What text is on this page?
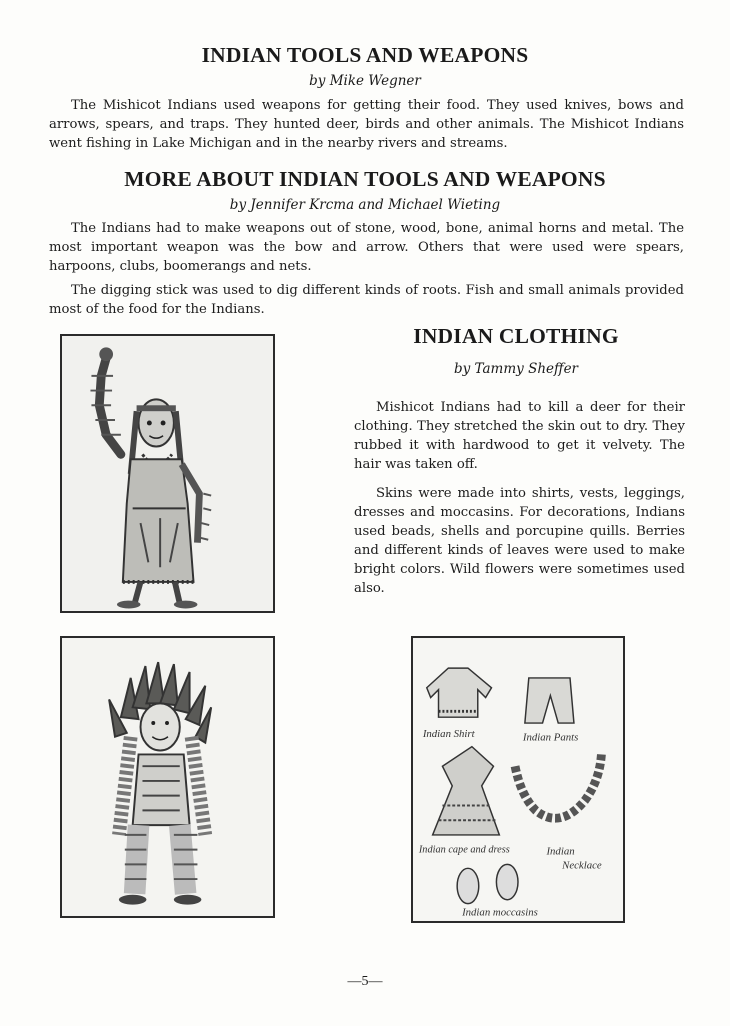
INDIAN TOOLS AND WEAPONS
by Mike Wegner
The Mishicot Indians used weapons for getting their food. They used knives, bows and arrows, spears, and traps. They hunted deer, birds and other animals. The Mishicot Indians went fishing in Lake Michigan and in the nearby rivers and streams.
MORE ABOUT INDIAN TOOLS AND WEAPONS
by Jennifer Krcma and Michael Wieting
The Indians had to make weapons out of stone, wood, bone, animal horns and metal. The most important weapon was the bow and arrow. Others that were used were spears, harpoons, clubs, boomerangs and nets.
The digging stick was used to dig different kinds of roots. Fish and small animals provided most of the food for the Indians.
INDIAN CLOTHING
by Tammy Sheffer
Mishicot Indians had to kill a deer for their clothing. They stretched the skin out to dry. They rubbed it with hardwood to get it velvety. The hair was taken off.
Skins were made into shirts, vests, leggings, dresses and moccasins. For decorations, Indians used beads, shells and porcupine quills. Berries and different kinds of leaves were used to make bright colors. Wild flowers were sometimes used also.
Indian Shirt	Indian Pants
Indian cape and dress	Indian
Necklace
Indian moccasins
—5—
